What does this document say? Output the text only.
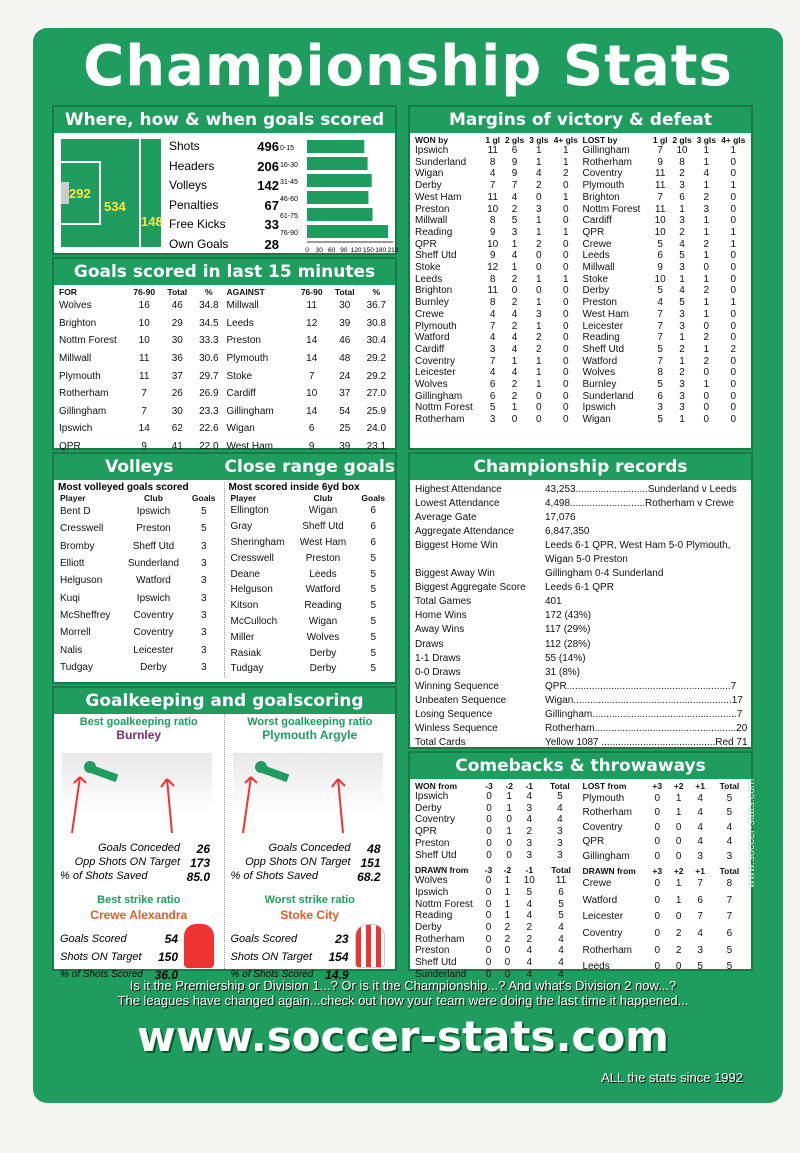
Championship Stats
Where, how & when goals scored
292
534
148
Shots	496
Headers	206
Volleys	142
Penalties	67
Free Kicks	33
Own Goals	28
0-15
16-30
31-45
46-60
61-75
76-90
0 30 60 90 120 150 180 210
Goals scored in last 15 minutes
FOR	76-90	Total	%
Wolves	16	46	34.8
Brighton	10	29	34.5
Nottm Forest	10	30	33.3
Millwall	11	36	30.6
Plymouth	11	37	29.7
Rotherham	7	26	26.9
Gillingham	7	30	23.3
Ipswich	14	62	22.6
QPR	9	41	22.0
AGAINST	76-90	Total	%
Millwall	11	30	36.7
Leeds	12	39	30.8
Preston	14	46	30.4
Plymouth	14	48	29.2
Stoke	7	24	29.2
Cardiff	10	37	27.0
Gillingham	14	54	25.9
Wigan	6	25	24.0
West Ham	9	39	23.1
Volleys	Close range goals
Most volleyed goals scored
Player	Club	Goals
Bent D	Ipswich	5
Cresswell	Preston	5
Bromby	Sheff Utd	3
Elliott	Sunderland	3
Helguson	Watford	3
Kuqi	Ipswich	3
McSheffrey	Coventry	3
Morrell	Coventry	3
Nalis	Leicester	3
Tudgay	Derby	3
Most scored inside 6yd box
Player	Club	Goals
Ellington	Wigan	6
Gray	Sheff Utd	6
Sheringham	West Ham	6
Cresswell	Preston	5
Deane	Leeds	5
Helguson	Watford	5
Kitson	Reading	5
McCulloch	Wigan	5
Miller	Wolves	5
Rasiak	Derby	5
Tudgay	Derby	5
Goalkeeping and goalscoring
Best goalkeeping ratio
Burnley
Goals Conceded	26
Opp Shots ON Target 173
% of Shots Saved	85.0
Best strike ratio
Crewe Alexandra
Goals Scored	54
Shots ON Target 150
% of Shots Scored 36.0
Worst goalkeeping ratio
Plymouth Argyle
Goals Conceded	48
Opp Shots ON Target 151
% of Shots Saved	68.2
Worst strike ratio
Stoke City
Goals Scored	23
Shots ON Target 154
% of Shots Scored 14.9
Margins of victory & defeat
WON by	1 gl	2 gls	3 gls	4+ gls
Ipswich	11	6	1	1
Sunderland	8	9	1	1
Wigan	4	9	4	2
Derby	7	7	2	0
West Ham	11	4	0	1
Preston	10	2	3	0
Millwall	8	5	1	0
Reading	9	3	1	1
QPR	10	1	2	0
Sheff Utd	9	4	0	0
Stoke	12	1	0	0
Leeds	8	2	1	1
Brighton	11	0	0	0
Burnley	8	2	1	0
Crewe	4	4	3	0
Plymouth	7	2	1	0
Watford	4	4	2	0
Cardiff	3	4	2	0
Coventry	7	1	1	0
Leicester	4	4	1	0
Wolves	6	2	1	0
Gillingham	6	2	0	0
Nottm Forest	5	1	0	0
Rotherham	3	0	0	0
LOST by	1 gl	2 gls	3 gls	4+ gls
Gillingham	7	10	1	1
Rotherham	9	8	1	0
Coventry	11	2	4	0
Plymouth	11	3	1	1
Brighton	7	6	2	0
Nottm Forest	11	1	3	0
Cardiff	10	3	1	0
QPR	10	2	1	1
Crewe	5	4	2	1
Leeds	6	5	1	0
Millwall	9	3	0	0
Stoke	10	1	1	0
Derby	5	4	2	0
Preston	4	5	1	1
West Ham	7	3	1	0
Leicester	7	3	0	0
Reading	7	1	2	0
Sheff Utd	5	2	1	2
Watford	7	1	2	0
Wolves	8	2	0	0
Burnley	5	3	1	0
Sunderland	6	3	0	0
Ipswich	3	3	0	0
Wigan	5	1	0	0
Championship records
Highest Attendance	43,253..........................Sunderland v Leeds
Lowest Attendance	4,498...........................Rotherham v Crewe
Average Gate	17,076
Aggregate Attendance	6,847,350
Biggest Home Win	Leeds 6-1 QPR, West Ham 5-0 Plymouth,
	Wigan 5-0 Preston
Biggest Away Win	Gillingham 0-4 Sunderland
Biggest Aggregate Score	Leeds 6-1 QPR
Total Games	401
Home Wins	172 (43%)
Away Wins	117 (29%)
Draws	112 (28%)
1-1 Draws	55 (14%)
0-0 Draws	31 (8%)
Winning Sequence	QPR...........................................................7
Unbeaten Sequence	Wigan.........................................................17
Losing Sequence	Gillingham....................................................7
Winless Sequence	Rotherham...................................................20
Total Cards	Yellow 1087 .........................................Red 71
Comebacks & throwaways
WON from	-3	-2	-1	Total
Ipswich	0	1	4	5
Derby	0	1	3	4
Coventry	0	0	4	4
QPR	0	1	2	3
Preston	0	0	3	3
Sheff Utd	0	0	3	3
DRAWN from	-3	-2	-1	Total
Wolves	0	1	10	11
Ipswich	0	1	5	6
Nottm Forest	0	1	4	5
Reading	0	1	4	5
Derby	0	2	2	4
Rotherham	0	2	2	4
Preston	0	0	4	4
Sheff Utd	0	0	4	4
Sunderland	0	0	4	4
LOST from	+3	+2	+1	Total
Plymouth	0	1	4	5
Rotherham	0	1	4	5
Coventry	0	0	4	4
QPR	0	0	4	4
Gillingham	0	0	3	3
DRAWN from	+3	+2	+1	Total
Crewe	0	1	7	8
Watford	0	1	6	7
Leicester	0	0	7	7
Coventry	0	2	4	6
Rotherham	0	2	3	5
Leeds	0	0	5	5
Is it the Premiership or Division 1...? Or is it the Championship...? And what's Division 2 now...?
The leagues have changed again...check out how your team were doing the last time it happened...
www.soccer-stats.com
ALL the stats since 1992
www.soccer-stats.com
